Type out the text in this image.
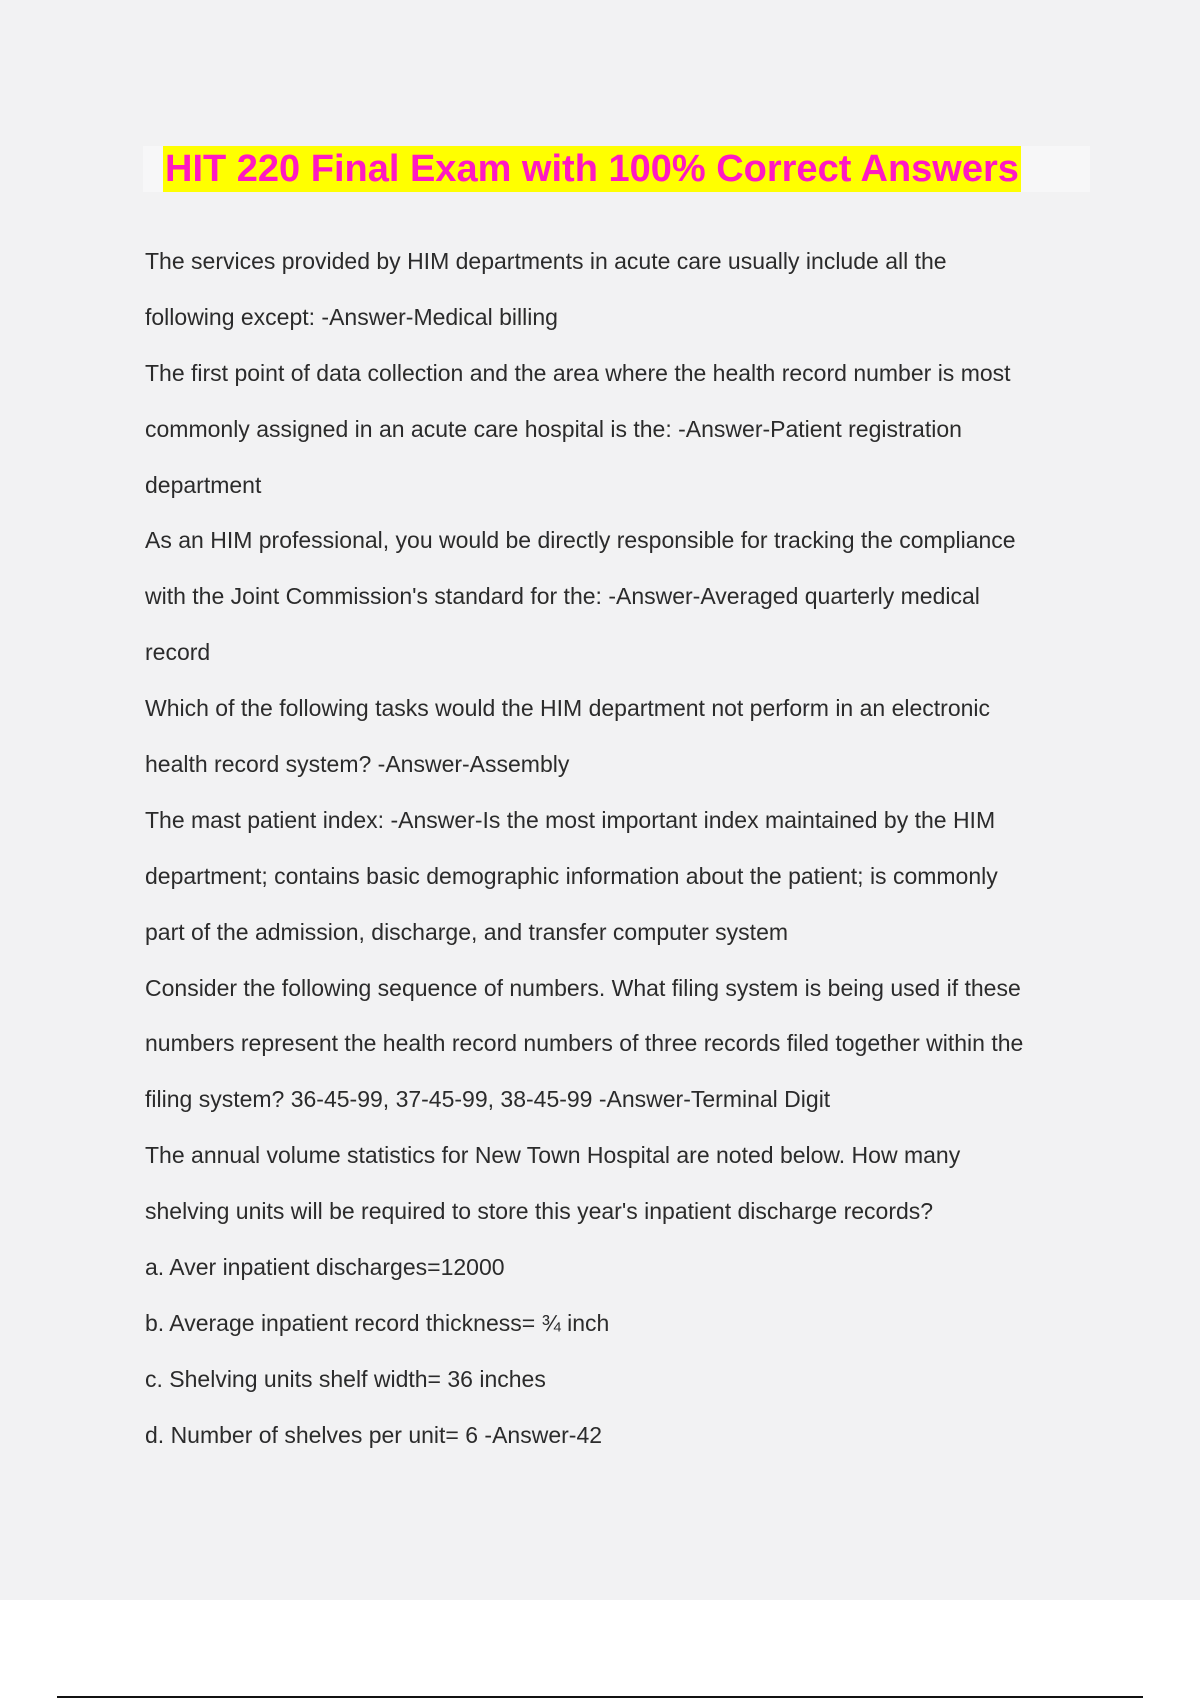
HIT 220 Final Exam with 100% Correct Answers
The services provided by HIM departments in acute care usually include all the
following except: -Answer-Medical billing
The first point of data collection and the area where the health record number is most
commonly assigned in an acute care hospital is the: -Answer-Patient registration
department
As an HIM professional, you would be directly responsible for tracking the compliance
with the Joint Commission's standard for the: -Answer-Averaged quarterly medical
record
Which of the following tasks would the HIM department not perform in an electronic
health record system? -Answer-Assembly
The mast patient index: -Answer-Is the most important index maintained by the HIM
department; contains basic demographic information about the patient; is commonly
part of the admission, discharge, and transfer computer system
Consider the following sequence of numbers. What filing system is being used if these
numbers represent the health record numbers of three records filed together within the
filing system? 36-45-99, 37-45-99, 38-45-99 -Answer-Terminal Digit
The annual volume statistics for New Town Hospital are noted below. How many
shelving units will be required to store this year's inpatient discharge records?
a. Aver inpatient discharges=12000
b. Average inpatient record thickness= ¾ inch
c. Shelving units shelf width= 36 inches
d. Number of shelves per unit= 6 -Answer-42
